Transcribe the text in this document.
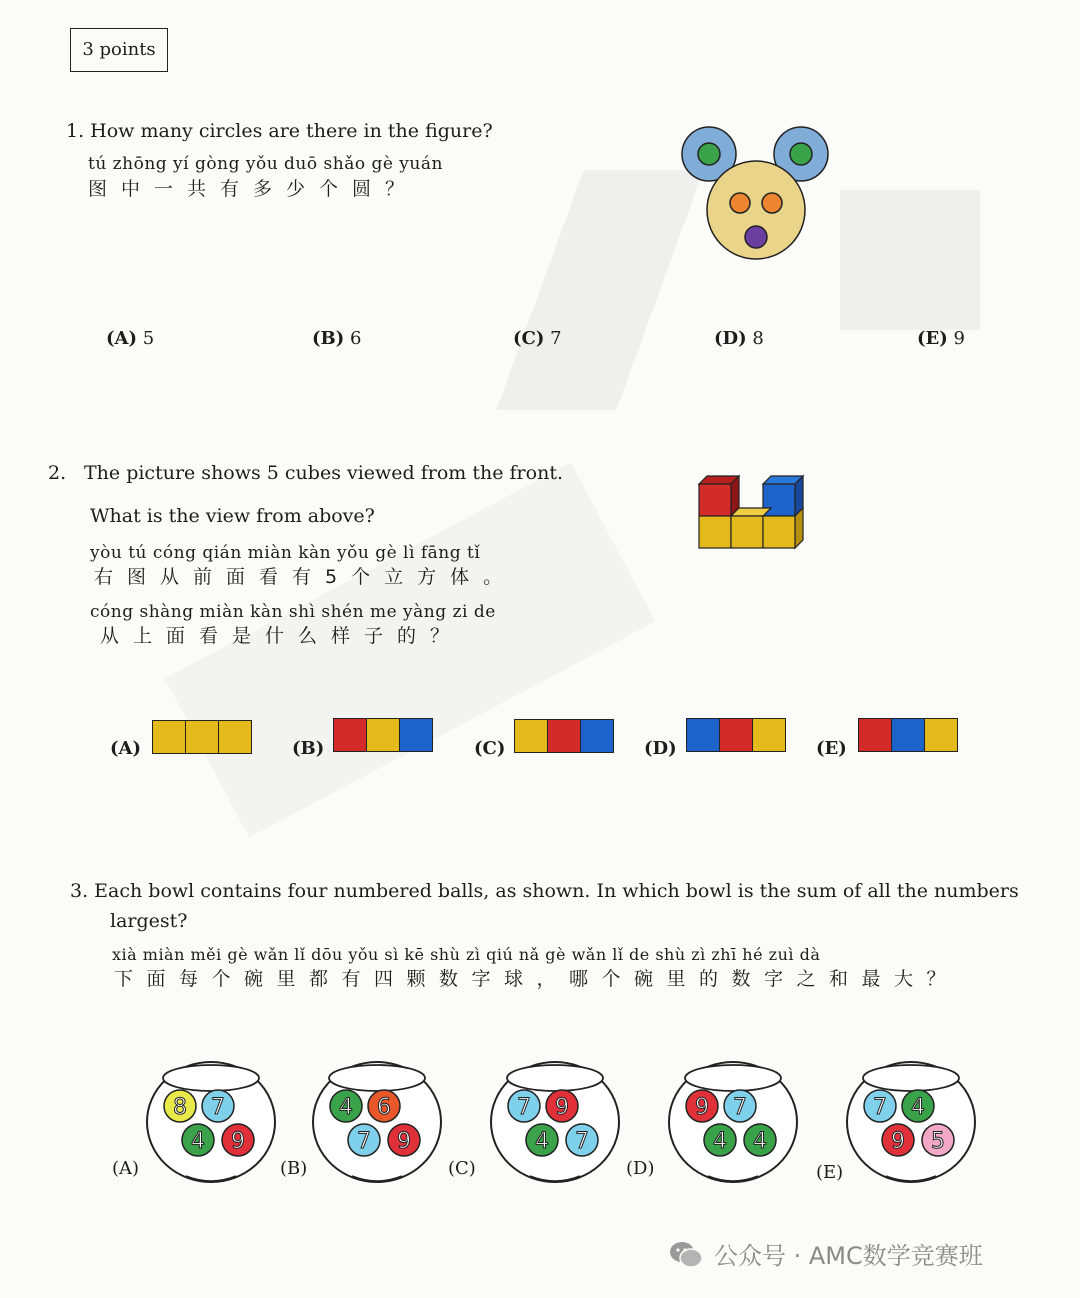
3 points
1. How many circles are there in the figure?
tú zhōng yí gòng yǒu duō shǎo gè yuán
图中一共有多少个圆？
(A) 5	(B) 6	(C) 7	(D) 8	(E) 9
2. The picture shows 5 cubes viewed from the front.
What is the view from above?
yòu tú cóng qián miàn kàn yǒu gè lì fāng tǐ
右图从前面看有5个立方体。
cóng shàng miàn kàn shì shén me yàng zi de
从上面看是什么样子的？
(A)	(B)	(C)	(D)	(E)
3. Each bowl contains four numbered balls, as shown. In which bowl is the sum of all the numbers
largest?
xià miàn měi gè wǎn lǐ dōu yǒu sì kē shù zì qiú nǎ gè wǎn lǐ de shù zì zhī hé zuì dà
下面每个碗里都有四颗数字球，哪个碗里的数字之和最大？
(A)
8 7
4 9
(B)
4 6
7 9
(C)
7 9
4 7
(D)
9 7
4 4
(E)
7 4
9 5
公众号 · AMC数学竞赛班
